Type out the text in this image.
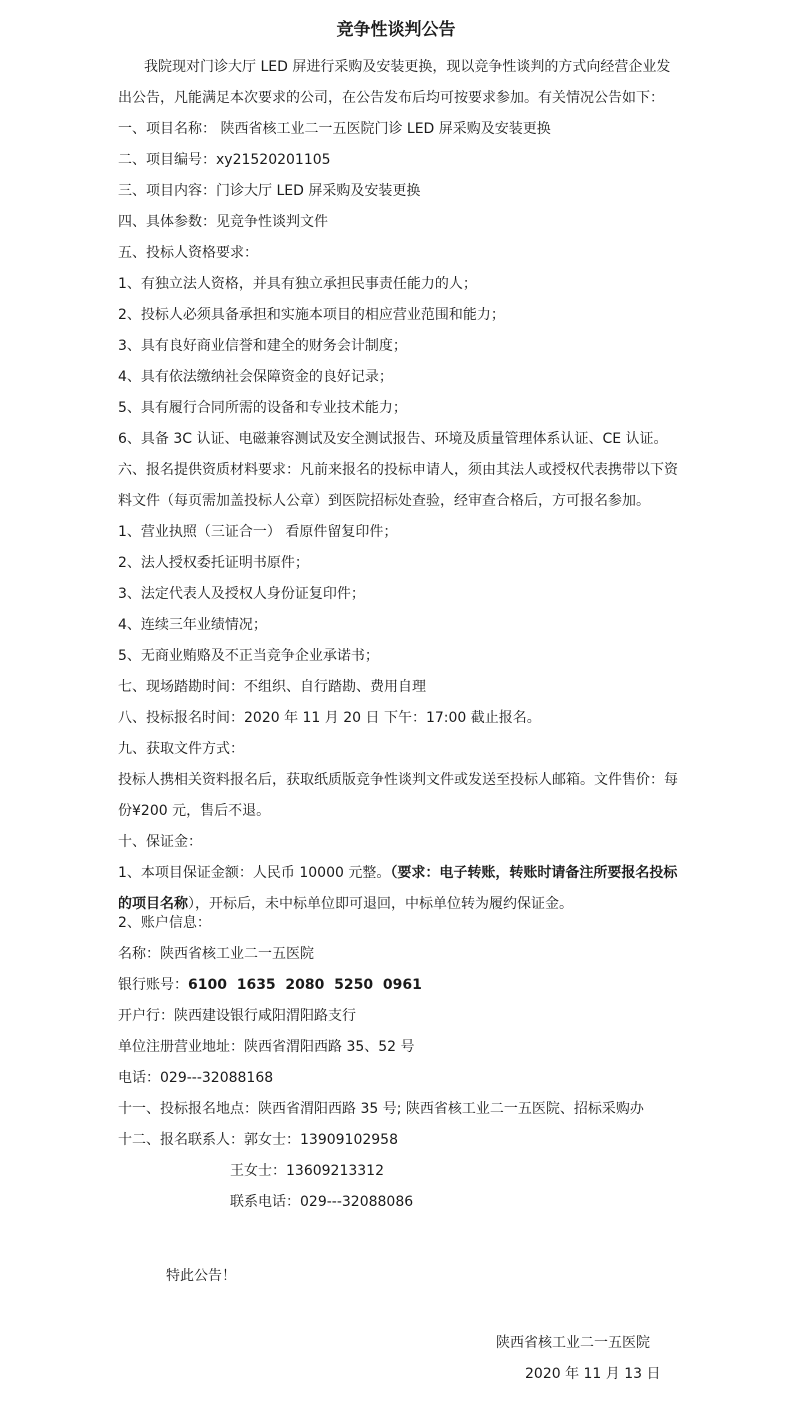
竞争性谈判公告
我院现对门诊大厅 LED 屏进行采购及安装更换，现以竞争性谈判的方式向经营企业发
出公告，凡能满足本次要求的公司，在公告发布后均可按要求参加。有关情况公告如下：
一、项目名称： 陕西省核工业二一五医院门诊 LED 屏采购及安装更换
二、项目编号：xy21520201105
三、项目内容：门诊大厅 LED 屏采购及安装更换
四、具体参数：见竞争性谈判文件
五、投标人资格要求：
1、有独立法人资格，并具有独立承担民事责任能力的人；
2、投标人必须具备承担和实施本项目的相应营业范围和能力；
3、具有良好商业信誉和建全的财务会计制度；
4、具有依法缴纳社会保障资金的良好记录；
5、具有履行合同所需的设备和专业技术能力；
6、具备 3C 认证、电磁兼容测试及安全测试报告、环境及质量管理体系认证、CE 认证。
六、报名提供资质材料要求：凡前来报名的投标申请人，须由其法人或授权代表携带以下资
料文件（每页需加盖投标人公章）到医院招标处查验，经审查合格后，方可报名参加。
1、营业执照（三证合一） 看原件留复印件；
2、法人授权委托证明书原件；
3、法定代表人及授权人身份证复印件；
4、连续三年业绩情况；
5、无商业贿赂及不正当竞争企业承诺书；
七、现场踏勘时间：不组织、自行踏勘、费用自理
八、投标报名时间：2020 年 11 月 20 日 下午：17:00 截止报名。
九、获取文件方式：
投标人携相关资料报名后，获取纸质版竞争性谈判文件或发送至投标人邮箱。文件售价：每
份¥200 元，售后不退。
十、保证金：
1、本项目保证金额：人民币 10000 元整。（要求：电子转账，转账时请备注所要报名投标
的项目名称），开标后，未中标单位即可退回，中标单位转为履约保证金。
2、账户信息：
名称：陕西省核工业二一五医院
银行账号：6100  1635  2080  5250  0961
开户行：陕西建设银行咸阳渭阳路支行
单位注册营业地址：陕西省渭阳西路 35、52 号
电话：029---32088168
十一、投标报名地点：陕西省渭阳西路 35 号; 陕西省核工业二一五医院、招标采购办
十二、报名联系人：郭女士：13909102958
王女士：13609213312
联系电话：029---32088086
特此公告！
陕西省核工业二一五医院
2020 年 11 月 13 日
